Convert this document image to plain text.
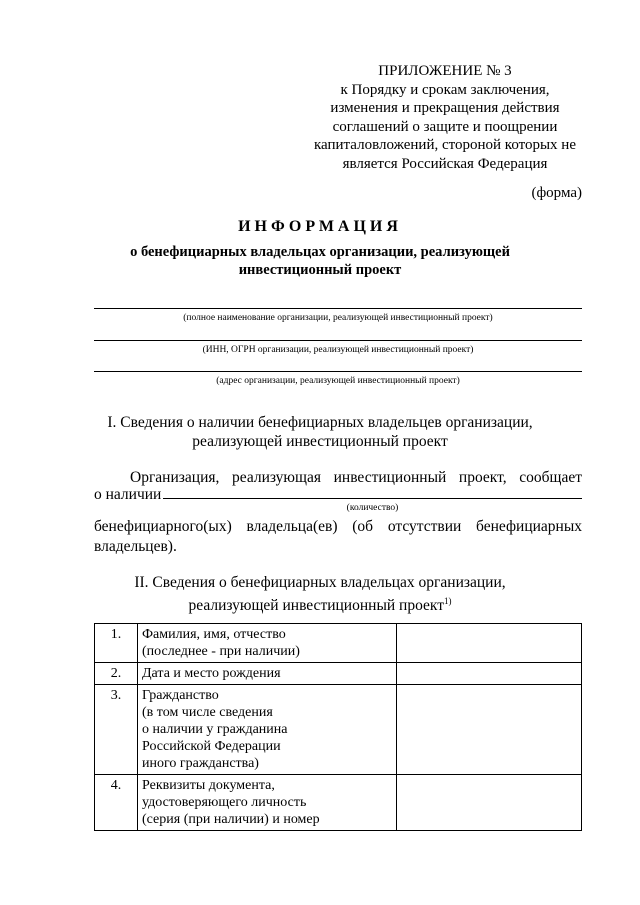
ПРИЛОЖЕНИЕ № 3
к Порядку и срокам заключения,
изменения и прекращения действия
соглашений о защите и поощрении
капиталовложений, стороной которых не
является Российская Федерация
(форма)
ИНФОРМАЦИЯ
о бенефициарных владельцах организации, реализующей
инвестиционный проект
(полное наименование организации, реализующей инвестиционный проект)
(ИНН, ОГРН организации, реализующей инвестиционный проект)
(адрес организации, реализующей инвестиционный проект)
I. Сведения о наличии бенефициарных владельцев организации,
реализующей инвестиционный проект
Организация, реализующая инвестиционный проект, сообщает
о наличии
(количество)
бенефициарного(ых) владельца(ев) (об отсутствии бенефициарных
владельцев).
II. Сведения о бенефициарных владельцах организации,
реализующей инвестиционный проект$^{1)}$
1.	Фамилия, имя, отчество
(последнее - при наличии)	

2.	Дата и место рождения	

3.	Гражданство
(в том числе сведения
о наличии у гражданина
Российской Федерации
иного гражданства)	

4.	Реквизиты документа,
удостоверяющего личность
(серия (при наличии) и номер	
